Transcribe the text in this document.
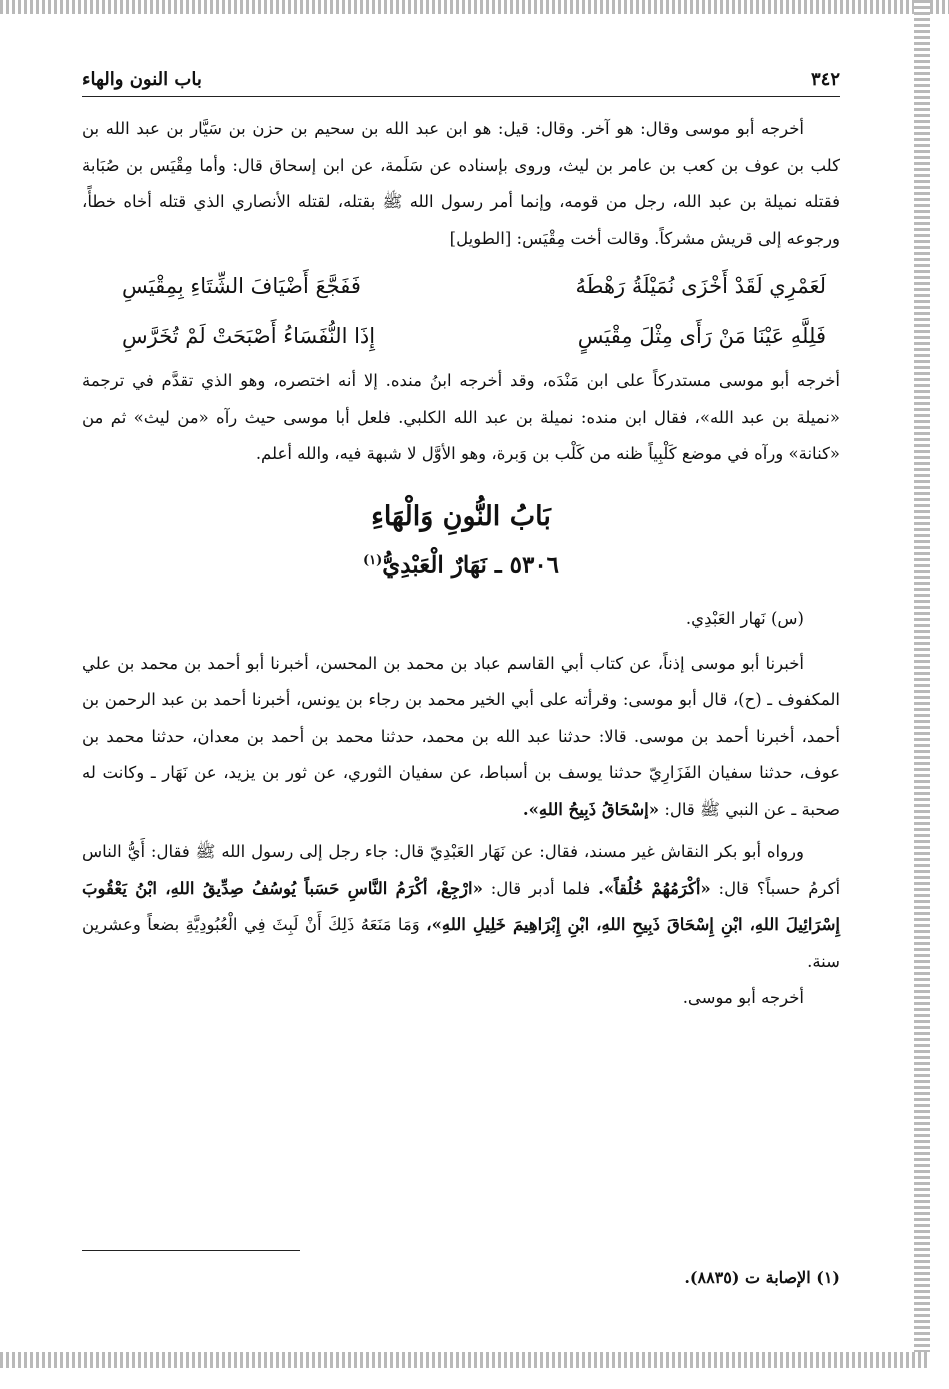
٣٤٢
باب النون والهاء

أخرجه أبو موسى وقال: هو آخر. وقال: قيل: هو ابن عبد الله بن سحيم بن حزن بن سَيَّار بن عبد الله بن كلب بن عوف بن كعب بن عامر بن ليث، وروى بإسناده عن سَلَمة، عن ابن إسحاق قال: وأما مِقْيَس بن صُبَابة فقتله نميلة بن عبد الله، رجل من قومه، وإنما أمر رسول الله ﷺ بقتله، لقتله الأنصاري الذي قتله أخاه خطأً، ورجوعه إلى قريش مشركاً. وقالت أخت مِقْيَس: [الطويل]

لَعَمْرِي لَقَدْ أَخْزَى نُمَيْلَةُ رَهْطَهُ
فَفَجَّعَ أَضْيَافَ الشِّتَاءِ بِمِقْيَسِ
فَلِلَّهِ عَيْنَا مَنْ رَأَى مِثْلَ مِقْيَسٍ
إِذَا النُّفَسَاءُ أَصْبَحَتْ لَمْ تُخَرَّسِ

أخرجه أبو موسى مستدركاً على ابن مَنْدَه، وقد أخرجه ابنُ منده. إلا أنه اختصره، وهو الذي تقدَّم في ترجمة «نميلة بن عبد الله»، فقال ابن منده: نميلة بن عبد الله الكلبي. فلعل أبا موسى حيث رآه «من ليث» ثم من «كنانة» ورآه في موضع كَلْبِياً ظنه من كَلْب بن وَبرة، وهو الأوَّل لا شبهة فيه، والله أعلم.

بَابُ النُّونِ وَالْهَاءِ
٥٣٠٦ ـ نَهَارٌ الْعَبْدِيُّ$^{(١)}$

(س) نَهار العَبْدِي.

أخبرنا أبو موسى إذناً، عن كتاب أبي القاسم عباد بن محمد بن المحسن، أخبرنا أبو أحمد بن محمد بن علي المكفوف ـ (ح)، قال أبو موسى: وقرأته على أبي الخير محمد بن رجاء بن يونس، أخبرنا أحمد بن عبد الرحمن بن أحمد، أخبرنا أحمد بن موسى. قالا: حدثنا عبد الله بن محمد، حدثنا محمد بن أحمد بن معدان، حدثنا محمد بن عوف، حدثنا سفيان الفَزَارِيّ حدثنا يوسف بن أسباط، عن سفيان الثوري، عن ثور بن يزيد، عن نَهَار ـ وكانت له صحبة ـ عن النبي ﷺ قال: «إسْحَاقُ ذَبِيحُ اللهِ».

ورواه أبو بكر النقاش غير مسند، فقال: عن نَهَار العَبْدِيّ قال: جاء رجل إلى رسول الله ﷺ فقال: أَيُّ الناس أكرمُ حسباً؟ قال: «أكْرَمُهُمْ خُلُقاً». فلما أدبر قال: «ارْجِعْ، أكْرَمُ النَّاسِ حَسَباً يُوسُفُ صِدِّيقُ اللهِ، ابْنُ يَعْقُوبَ إِسْرَائِيلَ اللهِ، ابْنِ إِسْحَاقَ ذَبِيحِ اللهِ، ابْنِ إِبْرَاهِيمَ خَلِيلِ اللهِ»، وَمَا مَنَعَهُ ذَلِكَ أَنْ لَبِثَ فِي الْعُبُودِيَّةِ بضعاً وعشرين سنة.

أخرجه أبو موسى.

(١) الإصابة ت (٨٨٣٥).
